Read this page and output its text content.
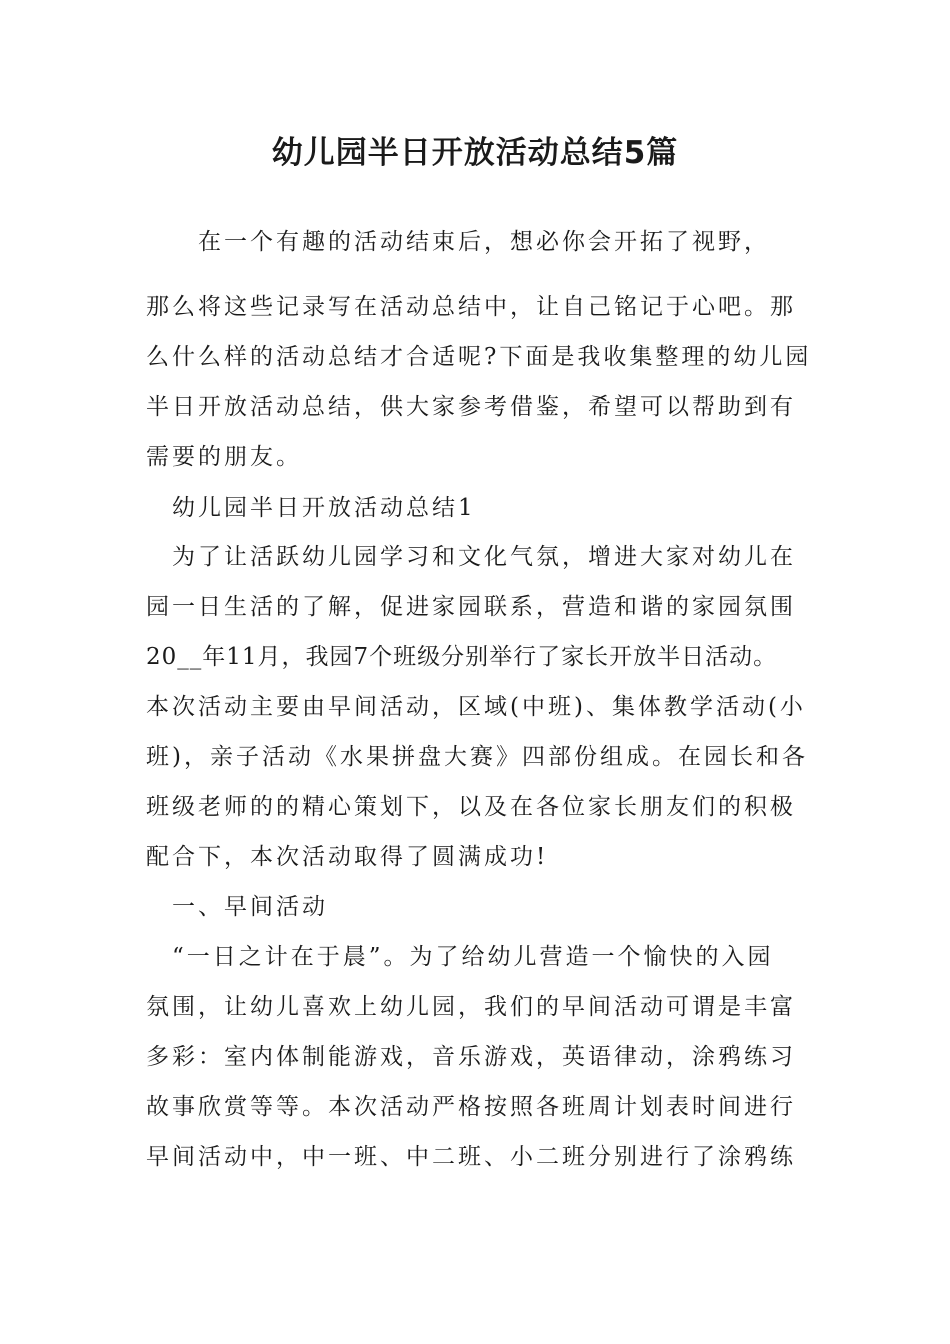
幼儿园半日开放活动总结5篇
　　在一个有趣的活动结束后，想必你会开拓了视野，
那么将这些记录写在活动总结中，让自己铭记于心吧。那
么什么样的活动总结才合适呢?下面是我收集整理的幼儿园
半日开放活动总结，供大家参考借鉴，希望可以帮助到有
需要的朋友。
幼儿园半日开放活动总结1
为了让活跃幼儿园学习和文化气氛，增进大家对幼儿在
园一日生活的了解，促进家园联系，营造和谐的家园氛围
20__年11月，我园7个班级分别举行了家长开放半日活动。
本次活动主要由早间活动，区域(中班)、集体教学活动(小
班)，亲子活动《水果拼盘大赛》四部份组成。在园长和各
班级老师的的精心策划下，以及在各位家长朋友们的积极
配合下，本次活动取得了圆满成功!
一、早间活动
“一日之计在于晨”。为了给幼儿营造一个愉快的入园
氛围，让幼儿喜欢上幼儿园，我们的早间活动可谓是丰富
多彩：室内体制能游戏，音乐游戏，英语律动，涂鸦练习
故事欣赏等等。本次活动严格按照各班周计划表时间进行
早间活动中，中一班、中二班、小二班分别进行了涂鸦练
